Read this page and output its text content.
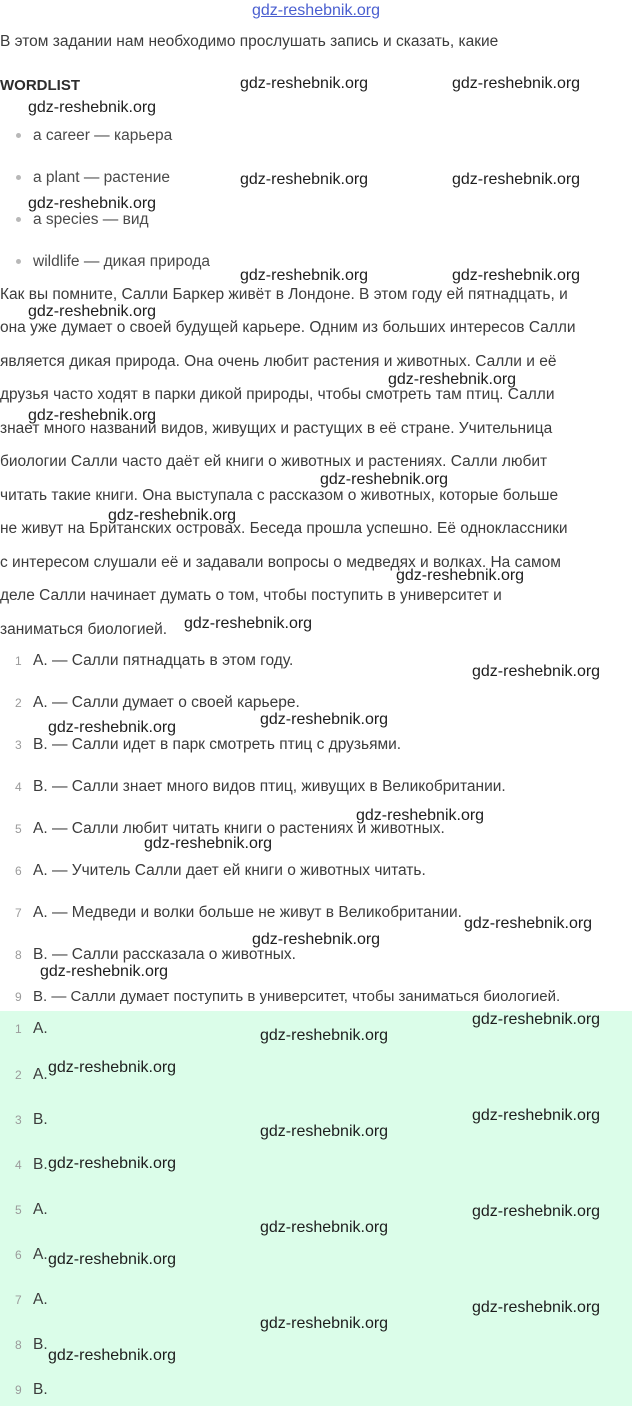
gdz-reshebnik.org
В этом задании нам необходимо прослушать запись и сказать, какие
WORDLIST
a career — карьера
a plant — растение
a species — вид
wildlife — дикая природа
Как вы помните, Салли Баркер живёт в Лондоне. В этом году ей пятнадцать, и
она уже думает о своей будущей карьере. Одним из больших интересов Салли
является дикая природа. Она очень любит растения и животных. Салли и её
друзья часто ходят в парки дикой природы, чтобы смотреть там птиц. Салли
знает много названий видов, живущих и растущих в её стране. Учительница
биологии Салли часто даёт ей книги о животных и растениях. Салли любит
читать такие книги. Она выступала с рассказом о животных, которые больше
не живут на Британских островах. Беседа прошла успешно. Её одноклассники
с интересом слушали её и задавали вопросы о медведях и волках. На самом
деле Салли начинает думать о том, чтобы поступить в университет и
заниматься биологией.
1 A. — Салли пятнадцать в этом году.
2 A. — Салли думает о своей карьере.
3 B. — Салли идет в парк смотреть птиц с друзьями.
4 B. — Салли знает много видов птиц, живущих в Великобритании.
5 A. — Салли любит читать книги о растениях и животных.
6 A. — Учитель Салли дает ей книги о животных читать.
7 A. — Медведи и волки больше не живут в Великобритании.
8 B. — Салли рассказала о животных.
9 B. — Салли думает поступить в университет, чтобы заниматься биологией.
1 A.
2 A.
3 B.
4 B.
5 A.
6 A.
7 A.
8 B.
9 B.
gdz-reshebnik.org	gdz-reshebnik.org
gdz-reshebnik.org
gdz-reshebnik.org	gdz-reshebnik.org
gdz-reshebnik.org
gdz-reshebnik.org	gdz-reshebnik.org
gdz-reshebnik.org
gdz-reshebnik.org
gdz-reshebnik.org
gdz-reshebnik.org
gdz-reshebnik.org
gdz-reshebnik.org
gdz-reshebnik.org
gdz-reshebnik.org
gdz-reshebnik.org
gdz-reshebnik.org
gdz-reshebnik.org
gdz-reshebnik.org
gdz-reshebnik.org
gdz-reshebnik.org
gdz-reshebnik.org
gdz-reshebnik.org
gdz-reshebnik.org
gdz-reshebnik.org
gdz-reshebnik.org
gdz-reshebnik.org
gdz-reshebnik.org
gdz-reshebnik.org
gdz-reshebnik.org
gdz-reshebnik.org
gdz-reshebnik.org
gdz-reshebnik.org
gdz-reshebnik.org
